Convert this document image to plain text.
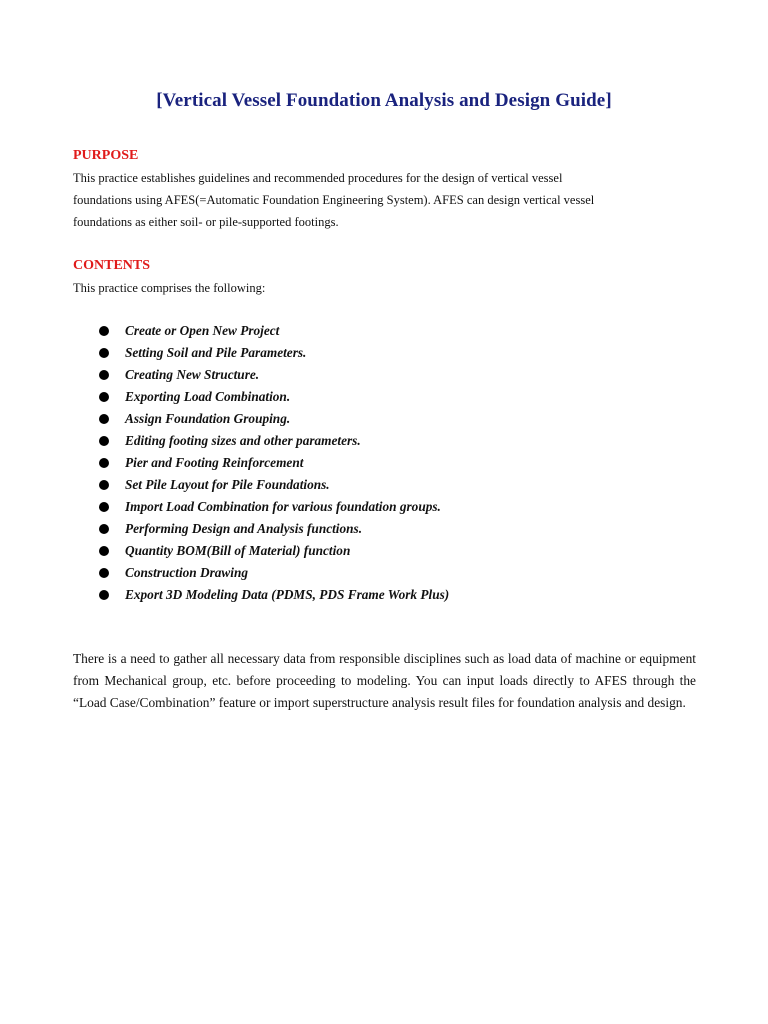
[Vertical Vessel Foundation Analysis and Design Guide]
PURPOSE
This practice establishes guidelines and recommended procedures for the design of vertical vessel
foundations using AFES(=Automatic Foundation Engineering System). AFES can design vertical vessel
foundations as either soil- or pile-supported footings.
CONTENTS
This practice comprises the following:
Create or Open New Project
Setting Soil and Pile Parameters.
Creating New Structure.
Exporting Load Combination.
Assign Foundation Grouping.
Editing footing sizes and other parameters.
Pier and Footing Reinforcement
Set Pile Layout for Pile Foundations.
Import Load Combination for various foundation groups.
Performing Design and Analysis functions.
Quantity BOM(Bill of Material) function
Construction Drawing
Export 3D Modeling Data (PDMS, PDS Frame Work Plus)
There is a need to gather all necessary data from responsible disciplines such as load data of machine or equipment from Mechanical group, etc. before proceeding to modeling. You can input loads directly to AFES through the “Load Case/Combination” feature or import superstructure analysis result files for foundation analysis and design.
